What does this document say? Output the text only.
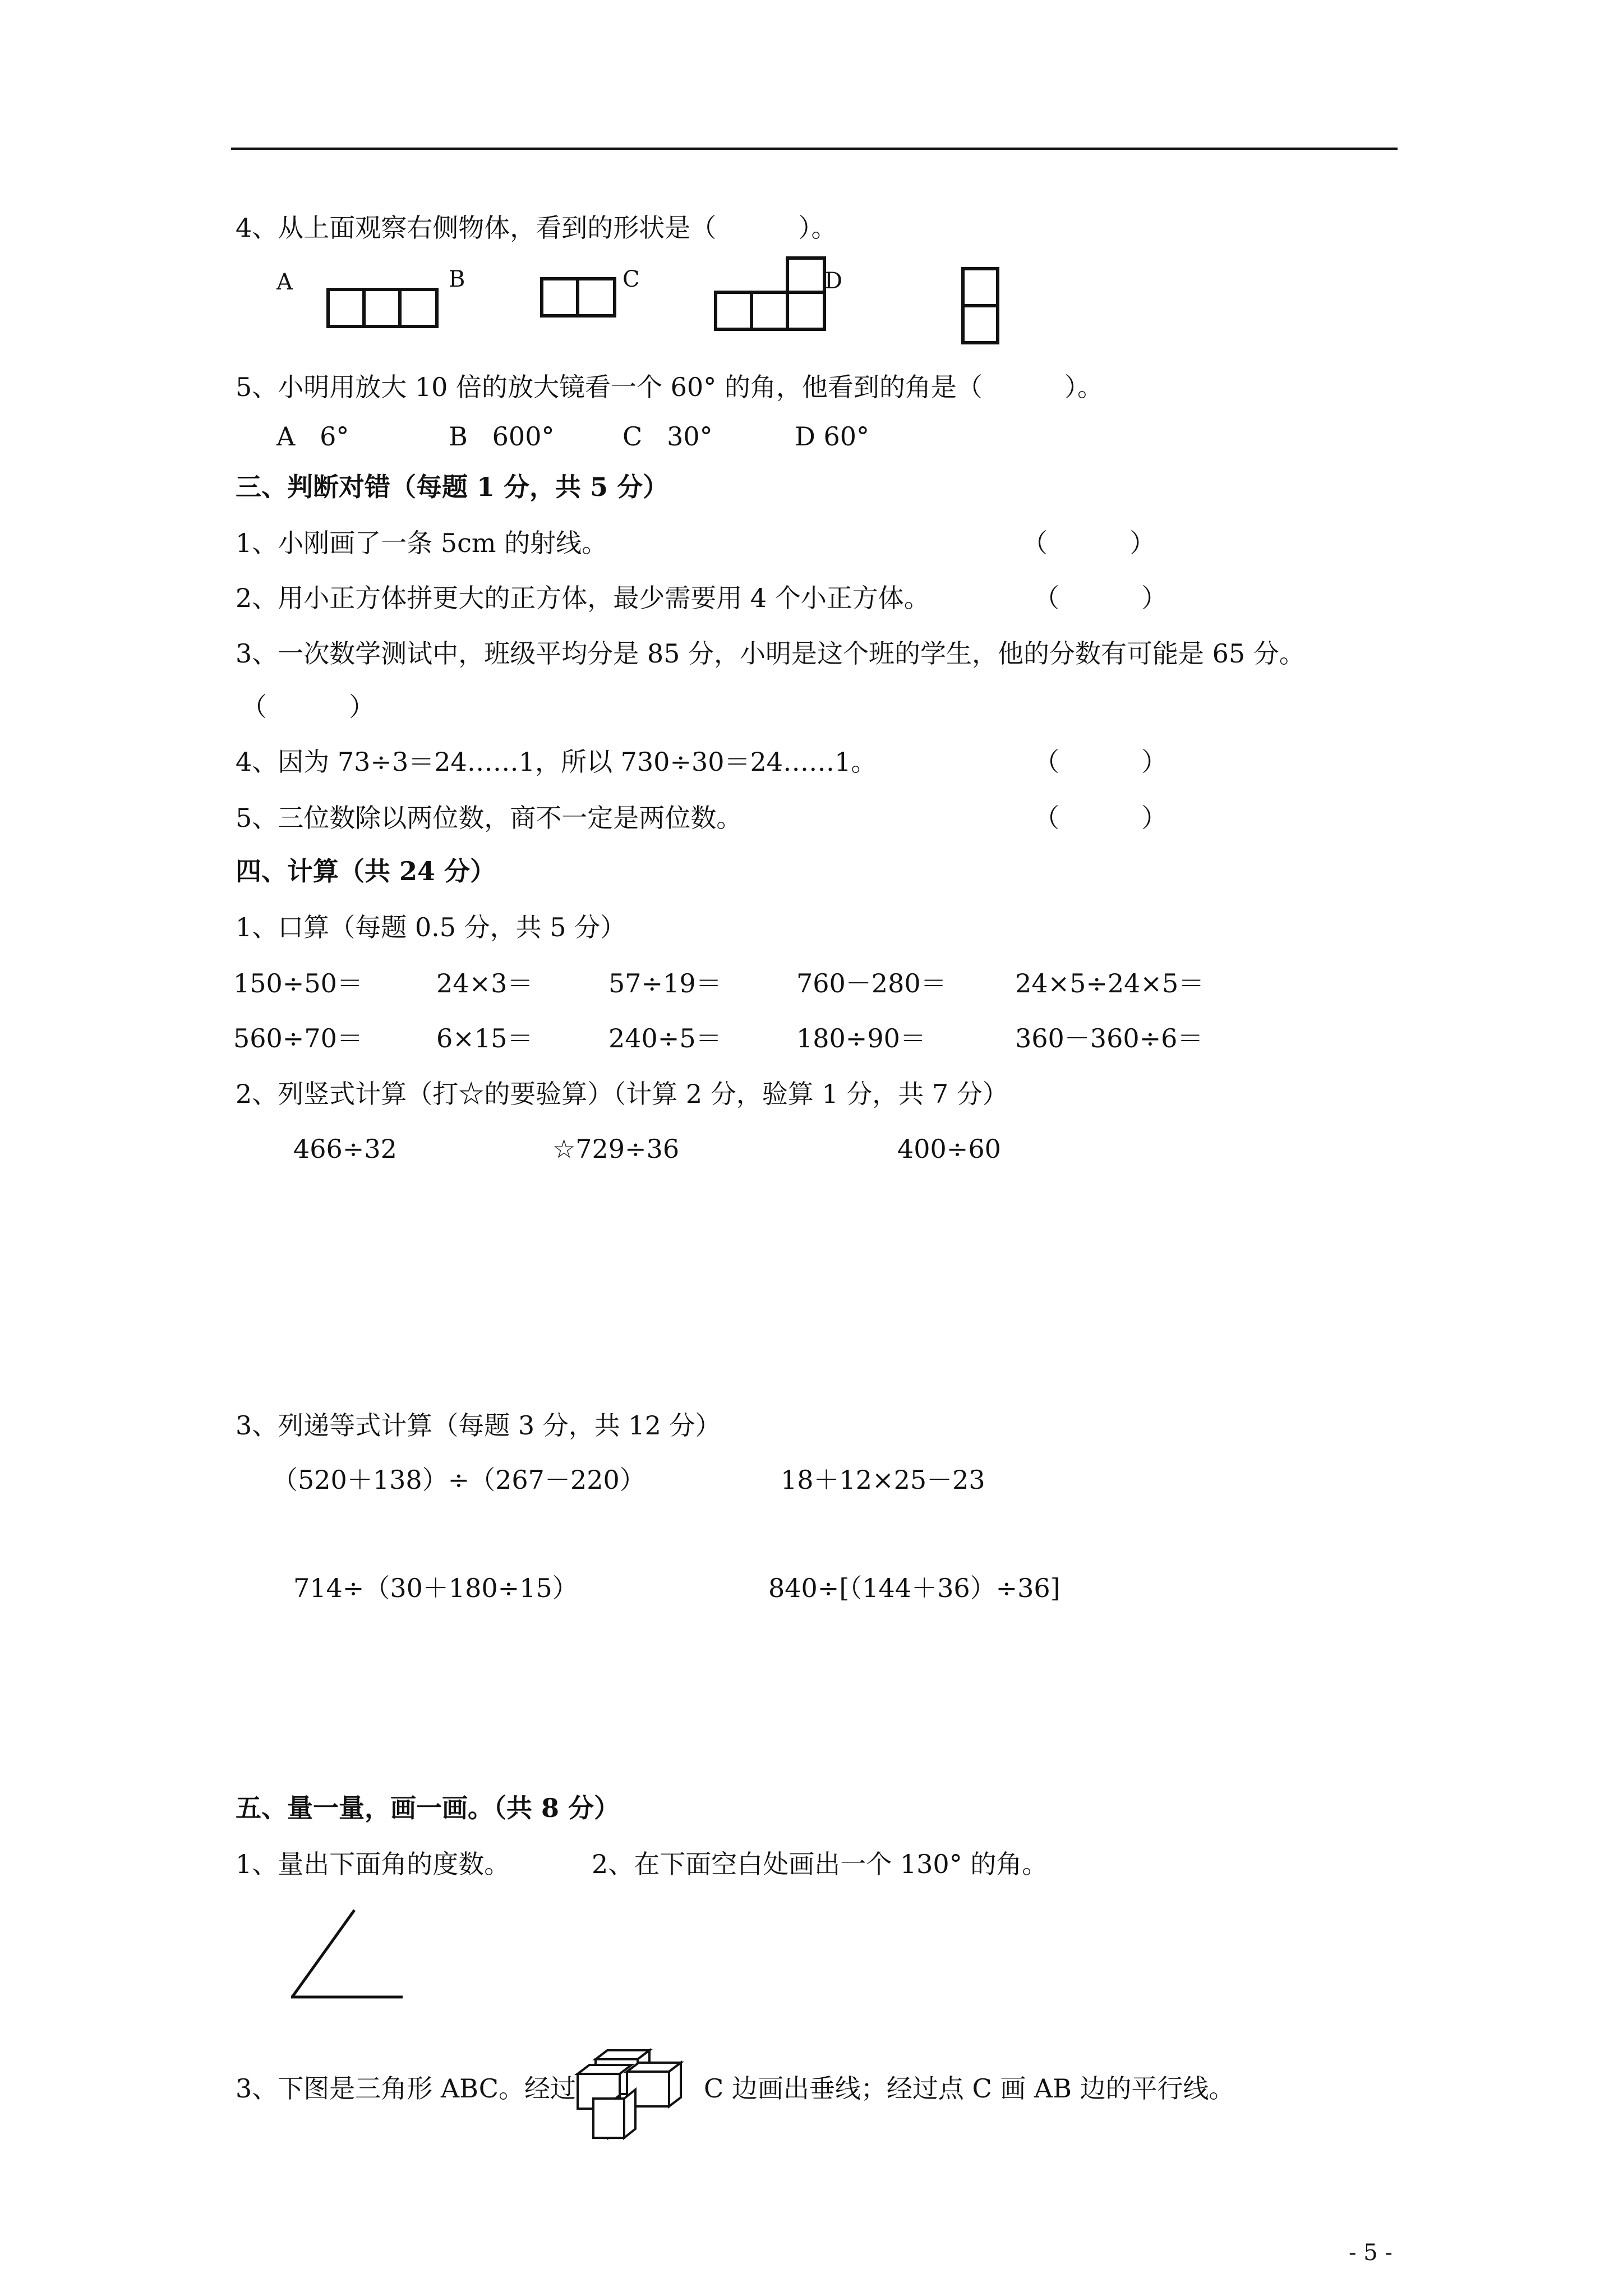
4、从上面观察右侧物体，看到的形状是（          ）。
A	B	C	D
5、小明用放大 10 倍的放大镜看一个 60° 的角，他看到的角是（          ）。
A   6°	B   600°	C   30°	D 60°
三、判断对错（每题 1 分，共 5 分）
1、小刚画了一条 5cm 的射线。	（          ）
2、用小正方体拼更大的正方体，最少需要用 4 个小正方体。	（          ）
3、一次数学测试中，班级平均分是 85 分，小明是这个班的学生，他的分数有可能是 65 分。
（          ）
4、因为 73÷3＝24……1，所以 730÷30＝24……1。	（          ）
5、三位数除以两位数，商不一定是两位数。	（          ）
四、计算（共 24 分）
1、口算（每题 0.5 分，共 5 分）
150÷50＝	24×3＝	57÷19＝	760－280＝	24×5÷24×5＝
560÷70＝	6×15＝	240÷5＝	180÷90＝	360－360÷6＝
2、列竖式计算（打☆的要验算）（计算 2 分，验算 1 分，共 7 分）
466÷32	☆729÷36	400÷60
3、列递等式计算（每题 3 分，共 12 分）
（520＋138）÷（267－220）	18＋12×25－23
714÷（30＋180÷15）	840÷[（144＋36）÷36]
五、量一量，画一画。（共 8 分）
1、量出下面角的度数。	2、在下面空白处画出一个 130° 的角。
3、下图是三角形 ABC。经过	C 边画出垂线；经过点 C 画 AB 边的平行线。
- 5 -
